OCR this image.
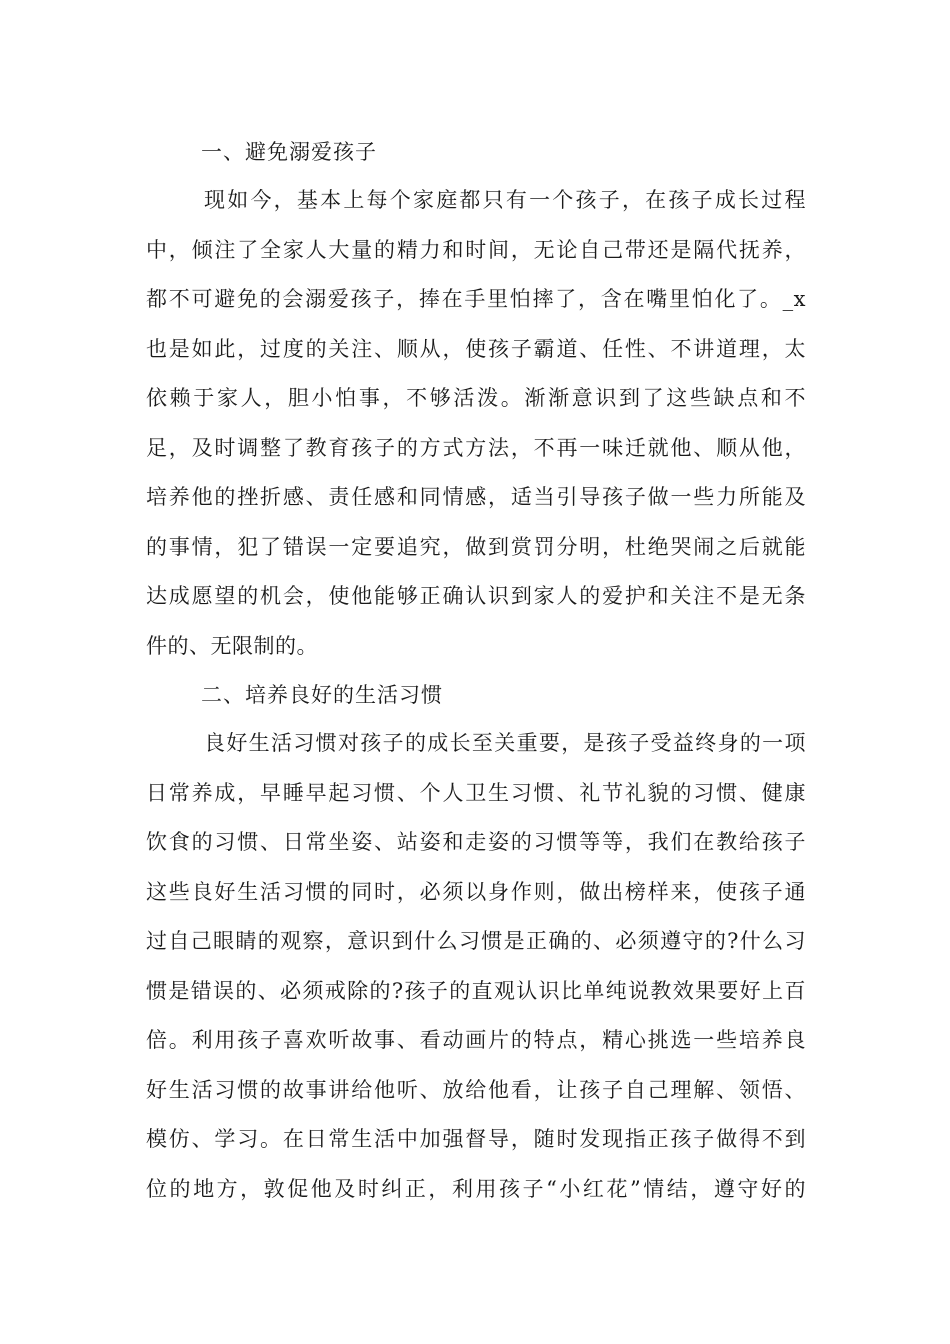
一、避免溺爱孩子
现如今，基本上每个家庭都只有一个孩子，在孩子成长过程
中，倾注了全家人大量的精力和时间，无论自己带还是隔代抚养，
都不可避免的会溺爱孩子，捧在手里怕摔了，含在嘴里怕化了。_x
也是如此，过度的关注、顺从，使孩子霸道、任性、不讲道理，太
依赖于家人，胆小怕事，不够活泼。渐渐意识到了这些缺点和不
足，及时调整了教育孩子的方式方法，不再一味迁就他、顺从他，
培养他的挫折感、责任感和同情感，适当引导孩子做一些力所能及
的事情，犯了错误一定要追究，做到赏罚分明，杜绝哭闹之后就能
达成愿望的机会，使他能够正确认识到家人的爱护和关注不是无条
件的、无限制的。
二、培养良好的生活习惯
良好生活习惯对孩子的成长至关重要，是孩子受益终身的一项
日常养成，早睡早起习惯、个人卫生习惯、礼节礼貌的习惯、健康
饮食的习惯、日常坐姿、站姿和走姿的习惯等等，我们在教给孩子
这些良好生活习惯的同时，必须以身作则，做出榜样来，使孩子通
过自己眼睛的观察，意识到什么习惯是正确的、必须遵守的?什么习
惯是错误的、必须戒除的?孩子的直观认识比单纯说教效果要好上百
倍。利用孩子喜欢听故事、看动画片的特点，精心挑选一些培养良
好生活习惯的故事讲给他听、放给他看，让孩子自己理解、领悟、
模仿、学习。在日常生活中加强督导，随时发现指正孩子做得不到
位的地方，敦促他及时纠正，利用孩子“小红花”情结，遵守好的
